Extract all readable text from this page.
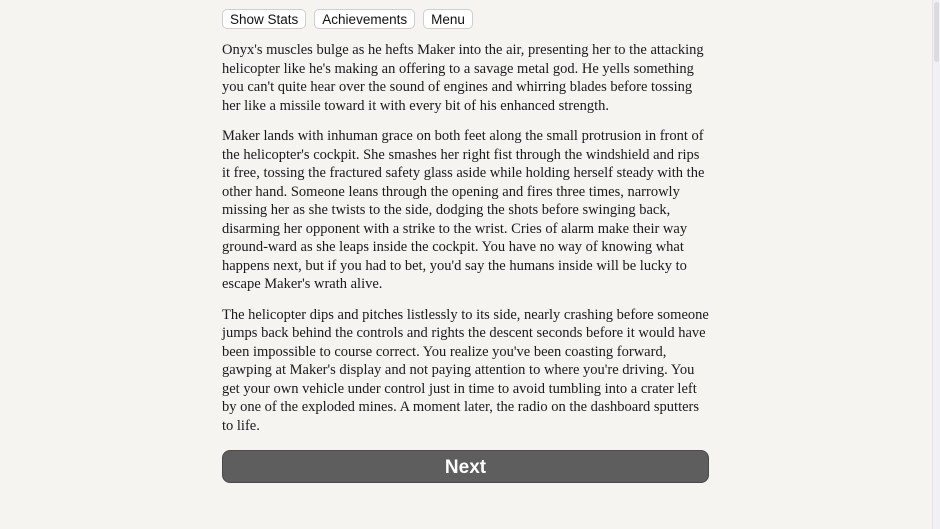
Show Stats	Achievements	Menu

Onyx's muscles bulge as he hefts Maker into the air, presenting her to the attacking helicopter like he's making an offering to a savage metal god. He yells something you can't quite hear over the sound of engines and whirring blades before tossing her like a missile toward it with every bit of his enhanced strength.

Maker lands with inhuman grace on both feet along the small protrusion in front of the helicopter's cockpit. She smashes her right fist through the windshield and rips it free, tossing the fractured safety glass aside while holding herself steady with the other hand. Someone leans through the opening and fires three times, narrowly missing her as she twists to the side, dodging the shots before swinging back, disarming her opponent with a strike to the wrist. Cries of alarm make their way ground-ward as she leaps inside the cockpit. You have no way of knowing what happens next, but if you had to bet, you'd say the humans inside will be lucky to escape Maker's wrath alive.

The helicopter dips and pitches listlessly to its side, nearly crashing before someone jumps back behind the controls and rights the descent seconds before it would have been impossible to course correct. You realize you've been coasting forward, gawping at Maker's display and not paying attention to where you're driving. You get your own vehicle under control just in time to avoid tumbling into a crater left by one of the exploded mines. A moment later, the radio on the dashboard sputters to life.

Next
